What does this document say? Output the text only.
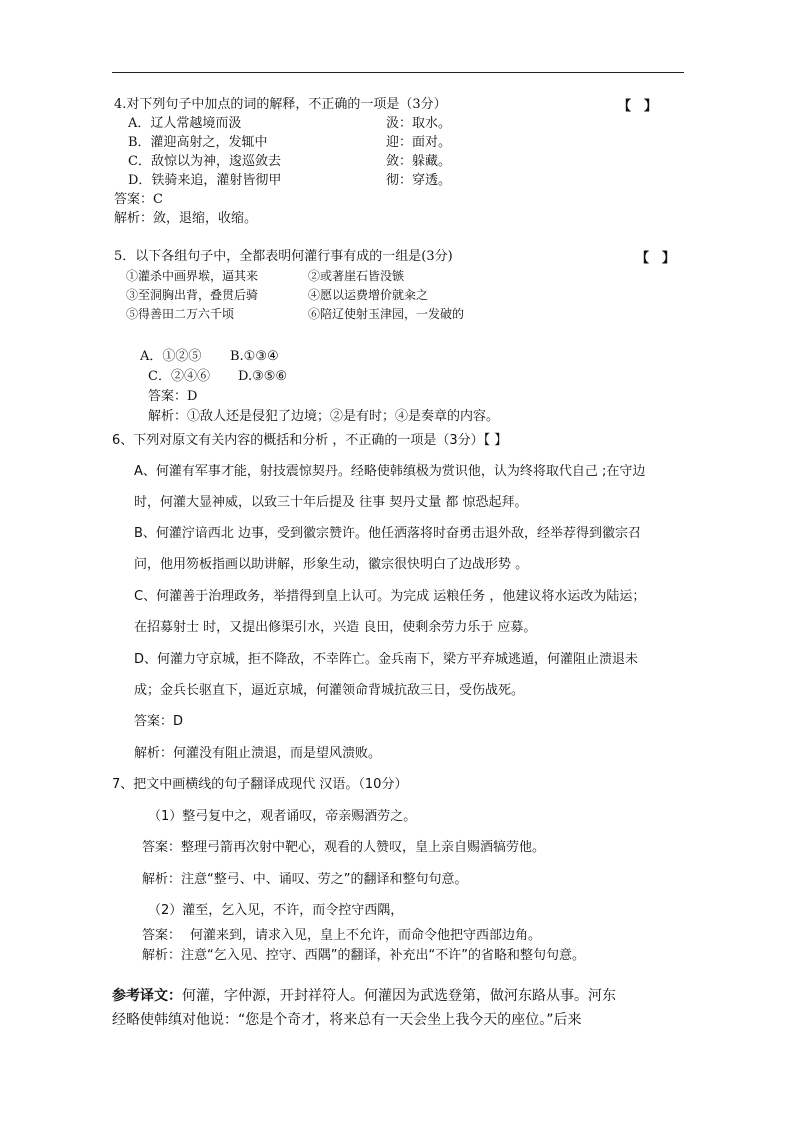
4.对下列句子中加点的词的解释，不正确的一项是（3分）	【　】
A．辽人常越境而汲	汲：取水。
B．灌迎高射之，发辄中	迎：面对。
C．敌惊以为神，逡巡敛去	敛：躲藏。
D．铁骑来追，灌射皆彻甲	彻：穿透。
答案：C
解析：敛，退缩，收缩。
5．以下各组句子中，全都表明何灌行事有成的一组是(3分)	【　】
①灌杀中画界堠，逼其来	②或著崖石皆没镞
③至洞胸出背，叠贯后骑	④愿以运费增价就籴之
⑤得善田二万六千顷	⑥陪辽使射玉津园，一发破的
A．①②⑤ B.①③④
C．②④⑥ D.③⑤⑥
答案：D
解析：①敌人还是侵犯了边境；②是有时；④是奏章的内容。
6、下列对原文有关内容的概括和分析 ，不正确的一项是（3分）【 】
A、何灌有军事才能，射技震惊契丹。经略使韩缜极为赏识他，认为终将取代自己 ;在守边
时，何灌大显神威，以致三十年后提及 往事 契丹丈量 都 惊恐起拜。
B、何灌泞谙西北 边事，受到徽宗赞许。他任洒落将时奋勇击退外敌，经举荐得到徽宗召
问，他用笏板指画以助讲解，形象生动，徽宗很快明白了边战形势 。
C、何灌善于治理政务，举措得到皇上认可。为完成 运粮任务 ，他建议将水运改为陆运；
在招募射士 时，又提出修渠引水，兴造 良田，使剩余劳力乐于 应募。
D、何灌力守京城，拒不降敌，不幸阵亡。金兵南下，梁方平弃城逃遁，何灌阻止溃退未
成；金兵长驱直下，逼近京城，何灌领命背城抗敌三日，受伤战死。
答案：D
解析：何灌没有阻止溃退，而是望风溃败。
7、把文中画横线的句子翻译成现代 汉语。（10分）
（1）整弓复中之，观者诵叹，帝亲赐酒劳之。
答案：整理弓箭再次射中靶心，观看的人赞叹，皇上亲自赐酒犒劳他。
解析：注意“整弓、中、诵叹、劳之”的翻译和整句句意。
（2）灌至，乞入见，不许，而令控守西隅，
答案： 何灌来到，请求入见，皇上不允许，而命令他把守西部边角。
解析：注意“乞入见、控守、西隅”的翻译，补充出“不许”的省略和整句句意。
参考译文：何灌，字仲源，开封祥符人。何灌因为武选登第，做河东路从事。河东
经略使韩缜对他说：“您是个奇才，将来总有一天会坐上我今天的座位。”后来
